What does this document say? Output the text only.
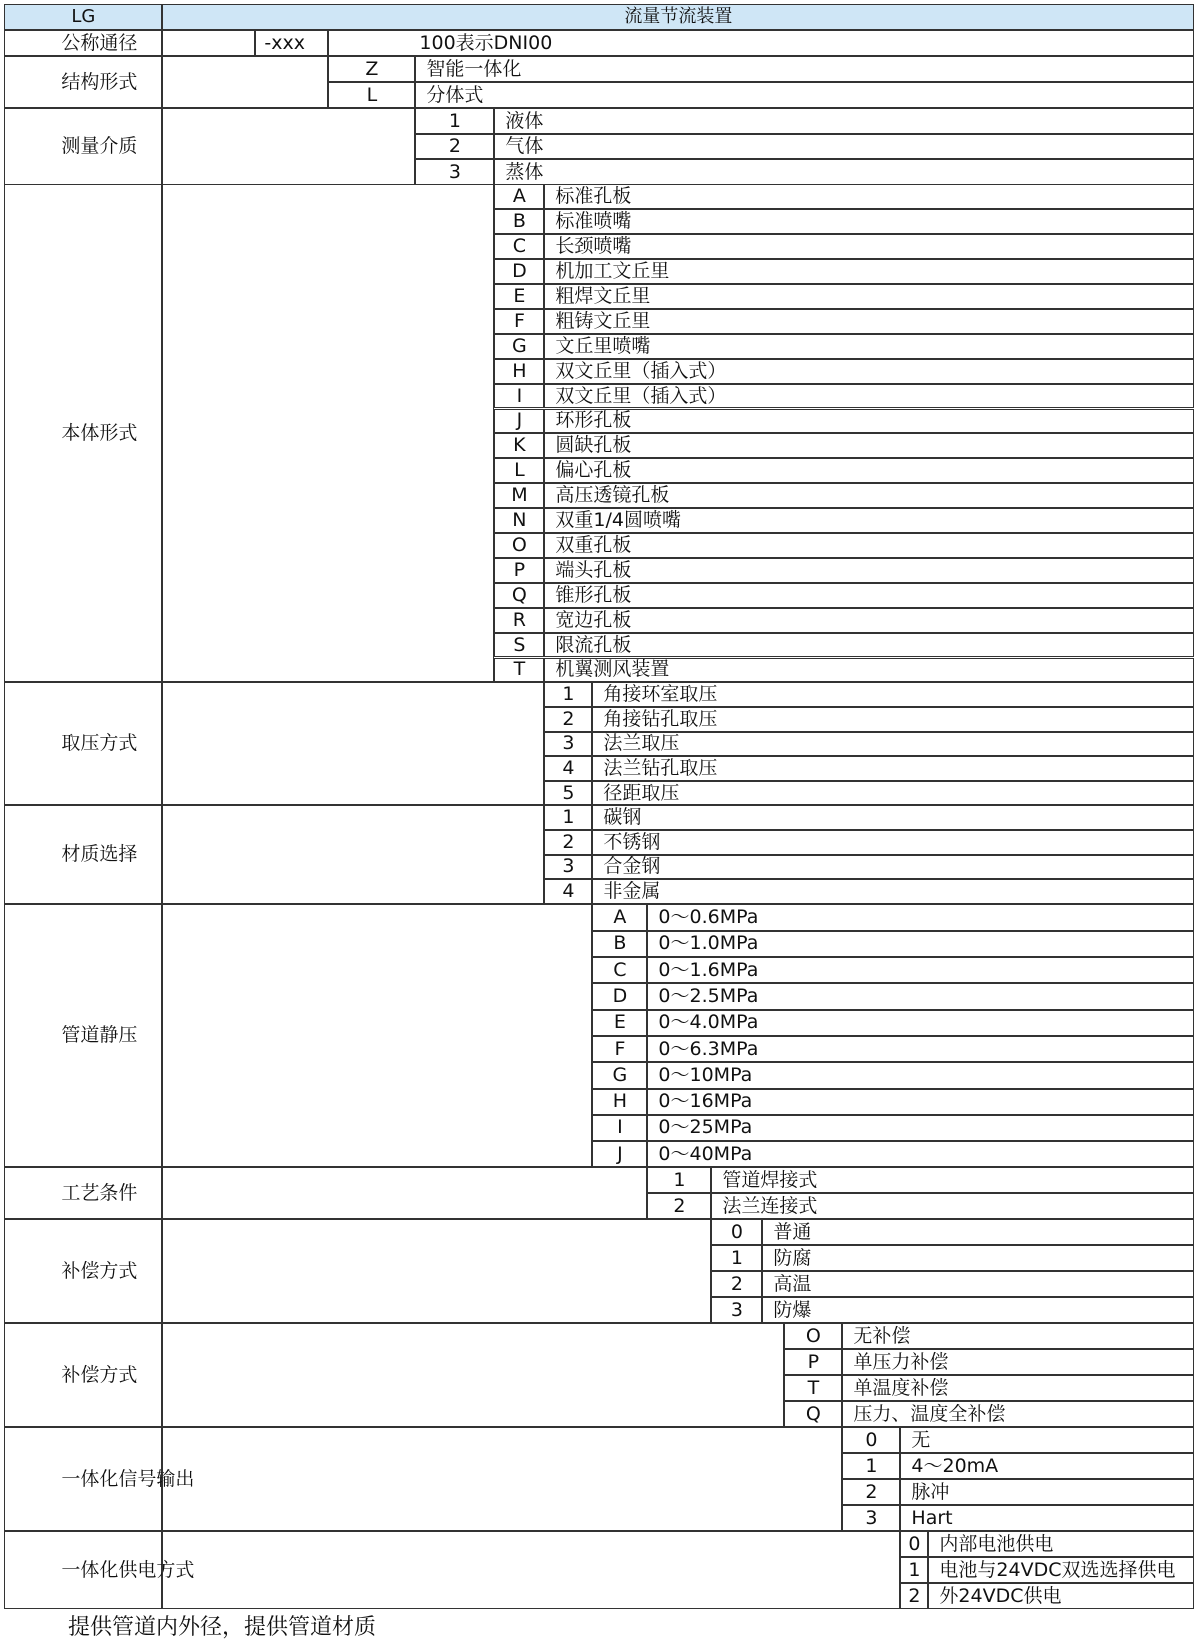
LG	流量节流装置
公称通径	-xxx	100表示DNI00
结构形式
Z	智能一体化
L	分体式
测量介质
1 液体
2 气体
3 蒸体
本体形式
A 标准孔板
B 标准喷嘴
C 长颈喷嘴
D 机加工文丘里
E 粗焊文丘里
F 粗铸文丘里
G 文丘里喷嘴
H 双文丘里（插入式）
I 双文丘里（插入式）
J 环形孔板
K 圆缺孔板
L 偏心孔板
M 高压透镜孔板
N 双重1/4圆喷嘴
O 双重孔板
P 端头孔板
Q 锥形孔板
R 宽边孔板
S 限流孔板
T 机翼测风装置
取压方式
1 角接环室取压
2 角接钻孔取压
3 法兰取压
4 法兰钻孔取压
5 径距取压
材质选择
1 碳钢
2 不锈钢
3 合金钢
4 非金属
管道静压
A 0～0.6MPa
B 0～1.0MPa
C 0～1.6MPa
D 0～2.5MPa
E 0～4.0MPa
F 0～6.3MPa
G 0～10MPa
H 0～16MPa
I 0～25MPa
J 0～40MPa
工艺条件
1 管道焊接式
2 法兰连接式
补偿方式
0 普通
1 防腐
2 高温
3 防爆
补偿方式
O 无补偿
P 单压力补偿
T 单温度补偿
Q 压力、温度全补偿
一体化信号输出
0 无
1 4～20mA
2 脉冲
3 Hart
一体化供电方式
0 内部电池供电
1 电池与24VDC双选选择供电
2 外24VDC供电
提供管道内外径，提供管道材质
